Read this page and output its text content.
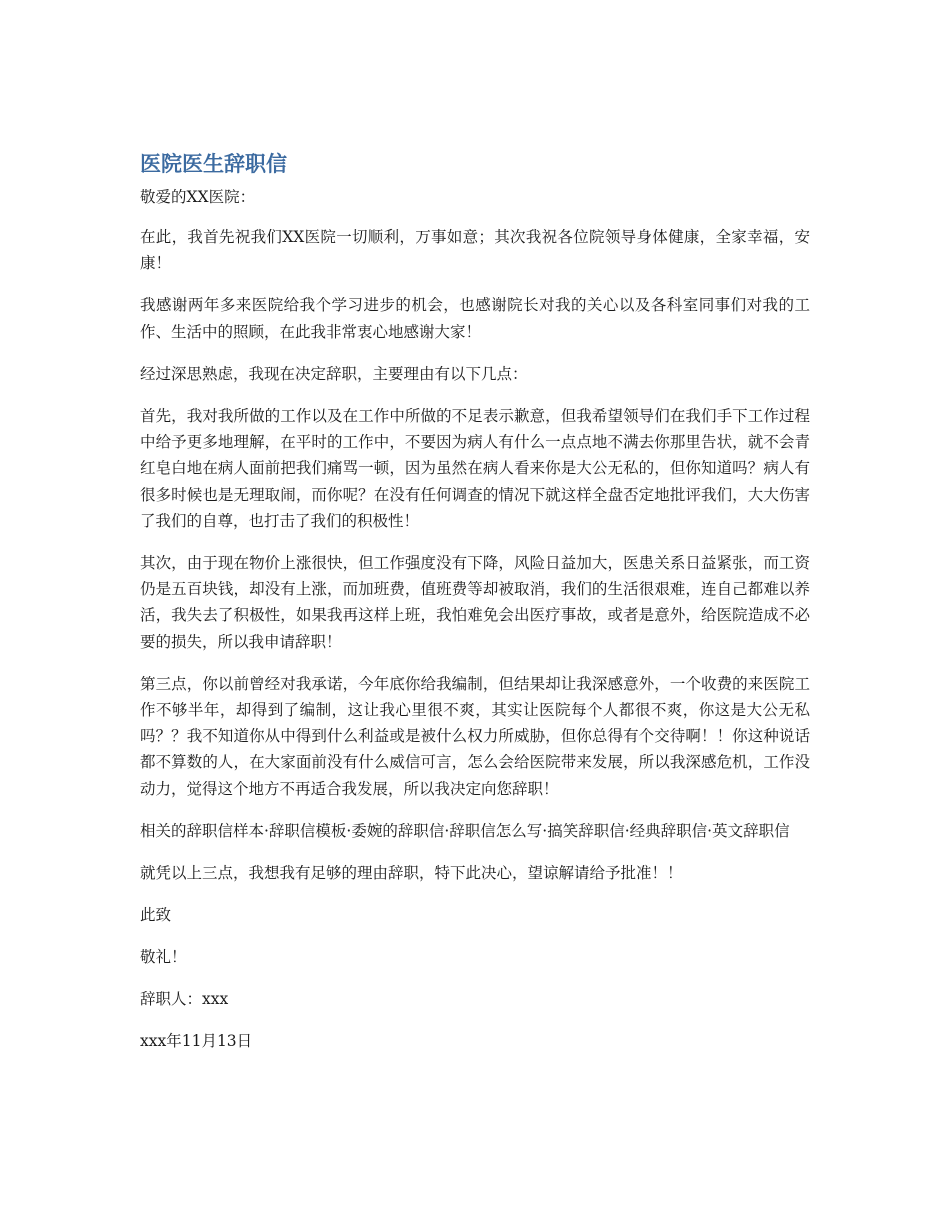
医院医生辞职信

敬爱的XX医院：

在此，我首先祝我们XX医院一切顺利，万事如意；其次我祝各位院领导身体健康，全家幸福，安康！

我感谢两年多来医院给我个学习进步的机会，也感谢院长对我的关心以及各科室同事们对我的工作、生活中的照顾，在此我非常衷心地感谢大家！

经过深思熟虑，我现在决定辞职，主要理由有以下几点：

首先，我对我所做的工作以及在工作中所做的不足表示歉意，但我希望领导们在我们手下工作过程中给予更多地理解，在平时的工作中，不要因为病人有什么一点点地不满去你那里告状，就不会青红皂白地在病人面前把我们痛骂一顿，因为虽然在病人看来你是大公无私的，但你知道吗？病人有很多时候也是无理取闹，而你呢？在没有任何调查的情况下就这样全盘否定地批评我们，大大伤害了我们的自尊，也打击了我们的积极性！

其次，由于现在物价上涨很快，但工作强度没有下降，风险日益加大，医患关系日益紧张，而工资仍是五百块钱，却没有上涨，而加班费，值班费等却被取消，我们的生活很艰难，连自己都难以养活，我失去了积极性，如果我再这样上班，我怕难免会出医疗事故，或者是意外，给医院造成不必要的损失，所以我申请辞职！

第三点，你以前曾经对我承诺，今年底你给我编制，但结果却让我深感意外，一个收费的来医院工作不够半年，却得到了编制，这让我心里很不爽，其实让医院每个人都很不爽，你这是大公无私吗？？我不知道你从中得到什么利益或是被什么权力所威胁，但你总得有个交待啊！！你这种说话都不算数的人，在大家面前没有什么威信可言，怎么会给医院带来发展，所以我深感危机，工作没动力，觉得这个地方不再适合我发展，所以我决定向您辞职！

相关的辞职信样本·辞职信模板·委婉的辞职信·辞职信怎么写·搞笑辞职信·经典辞职信·英文辞职信

就凭以上三点，我想我有足够的理由辞职，特下此决心，望谅解请给予批准！！

此致

敬礼！

辞职人：xxx

xxx年11月13日
